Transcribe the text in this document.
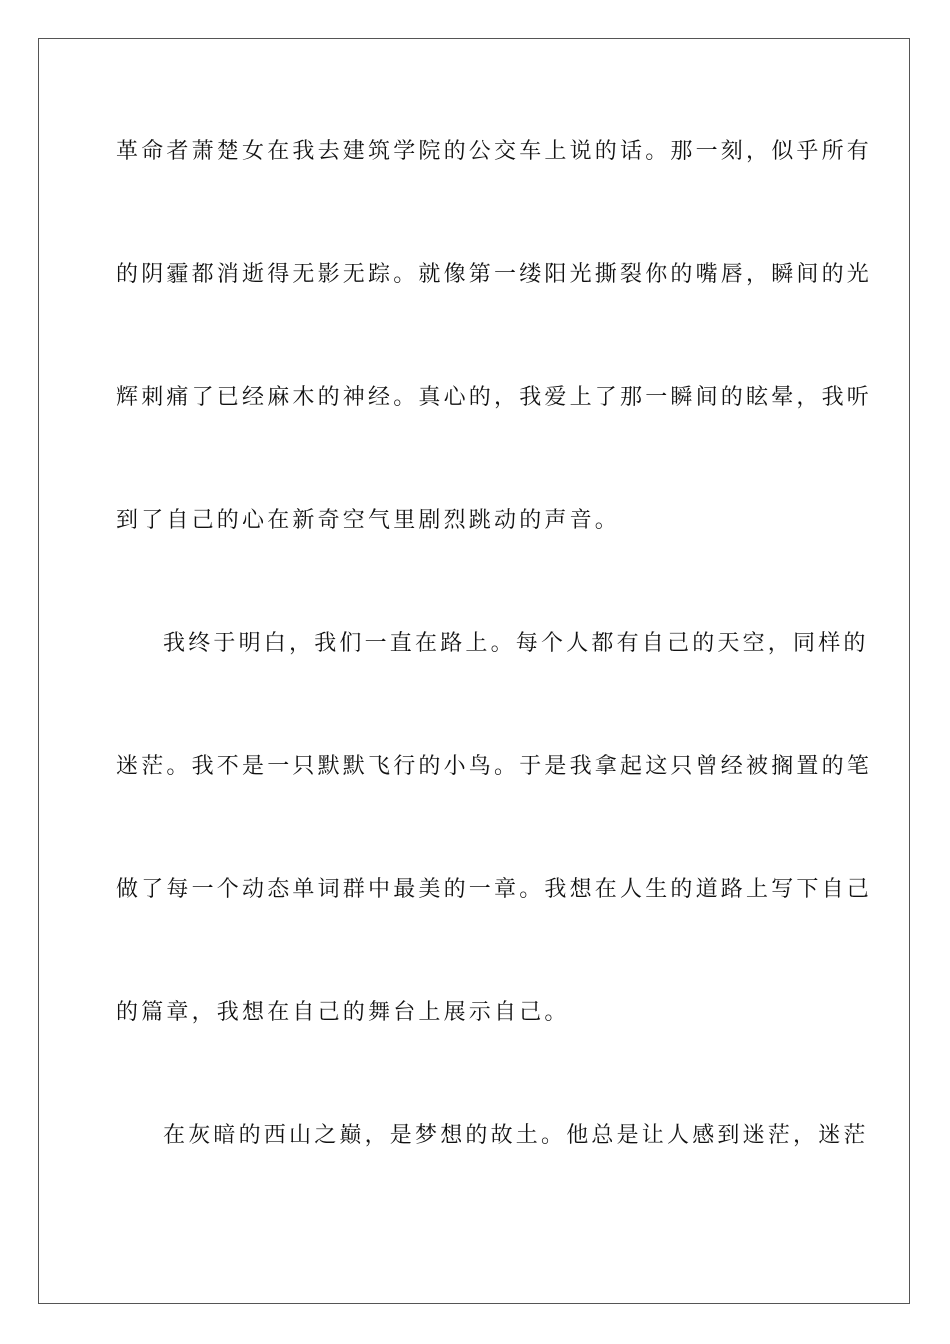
革命者萧楚女在我去建筑学院的公交车上说的话。那一刻，似乎所有
的阴霾都消逝得无影无踪。就像第一缕阳光撕裂你的嘴唇，瞬间的光
辉刺痛了已经麻木的神经。真心的，我爱上了那一瞬间的眩晕，我听
到了自己的心在新奇空气里剧烈跳动的声音。
我终于明白，我们一直在路上。每个人都有自己的天空，同样的
迷茫。我不是一只默默飞行的小鸟。于是我拿起这只曾经被搁置的笔
做了每一个动态单词群中最美的一章。我想在人生的道路上写下自己
的篇章，我想在自己的舞台上展示自己。
在灰暗的西山之巅，是梦想的故土。他总是让人感到迷茫，迷茫
